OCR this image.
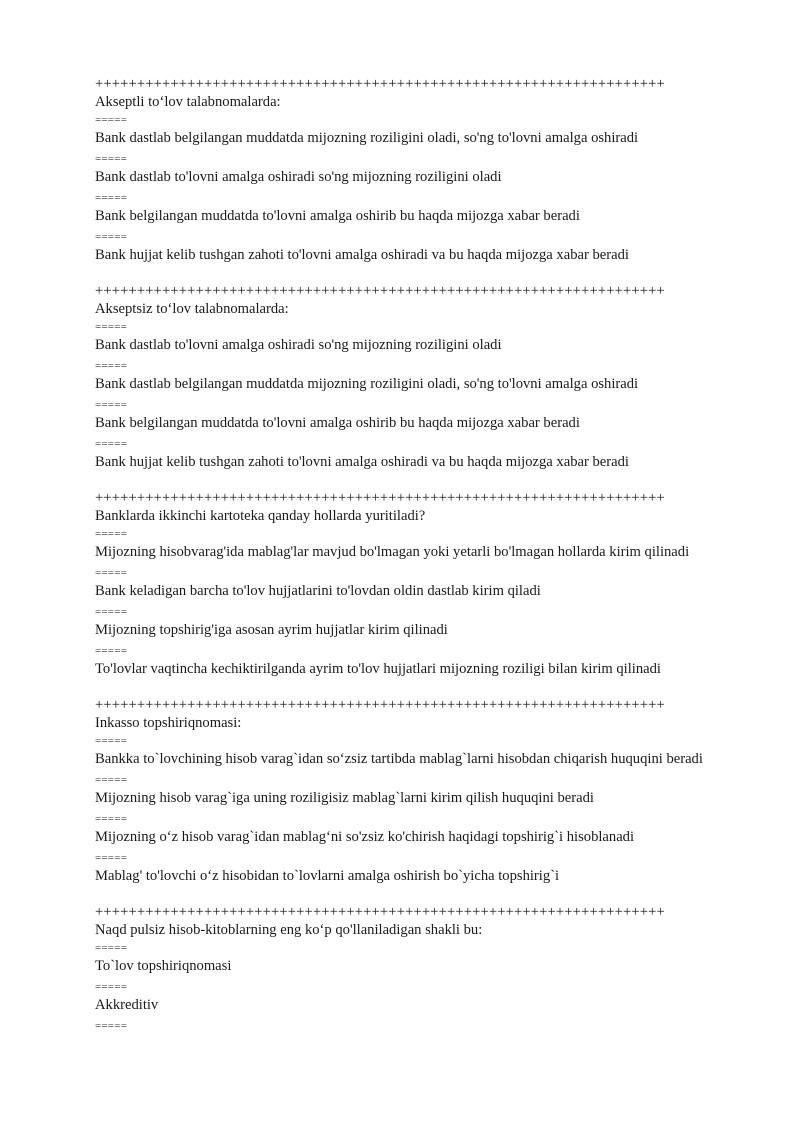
++++++++++++++++++++++++++++++++++++++++++++++++++++++++++++++++++++
Akseptli to‘lov talabnomalarda:
=====
Bank dastlab belgilangan muddatda mijozning roziligini oladi, so'ng to'lovni amalga oshiradi
=====
Bank dastlab to'lovni amalga oshiradi so'ng mijozning roziligini oladi
=====
Bank belgilangan muddatda to'lovni amalga oshirib bu haqda mijozga xabar beradi
=====
Bank hujjat kelib tushgan zahoti to'lovni amalga oshiradi va bu haqda mijozga xabar beradi
++++++++++++++++++++++++++++++++++++++++++++++++++++++++++++++++++++
Akseptsiz to‘lov talabnomalarda:
=====
Bank dastlab to'lovni amalga oshiradi so'ng mijozning roziligini oladi
=====
Bank dastlab belgilangan muddatda mijozning roziligini oladi, so'ng to'lovni amalga oshiradi
=====
Bank belgilangan muddatda to'lovni amalga oshirib bu haqda mijozga xabar beradi
=====
Bank hujjat kelib tushgan zahoti to'lovni amalga oshiradi va bu haqda mijozga xabar beradi
++++++++++++++++++++++++++++++++++++++++++++++++++++++++++++++++++++
Banklarda ikkinchi kartoteka qanday hollarda yuritiladi?
=====
Mijozning hisobvarag'ida mablag'lar mavjud bo'lmagan yoki yetarli bo'lmagan hollarda kirim qilinadi
=====
Bank keladigan barcha to'lov hujjatlarini to'lovdan oldin dastlab kirim qiladi
=====
Mijozning topshirig'iga asosan ayrim hujjatlar kirim qilinadi
=====
To'lovlar vaqtincha kechiktirilganda ayrim to'lov hujjatlari mijozning roziligi bilan kirim qilinadi
++++++++++++++++++++++++++++++++++++++++++++++++++++++++++++++++++++
Inkasso topshiriqnomasi:
=====
Bankka to`lovchining hisob varag`idan so‘zsiz tartibda mablag`larni hisobdan chiqarish huquqini beradi
=====
Mijozning hisob varag`iga uning roziligisiz mablag`larni kirim qilish huquqini beradi
=====
Mijozning o‘z hisob varag`idan mablag‘ni so'zsiz ko'chirish haqidagi topshirig`i hisoblanadi
=====
Mablag' to'lovchi o‘z hisobidan to`lovlarni amalga oshirish bo`yicha topshirig`i
++++++++++++++++++++++++++++++++++++++++++++++++++++++++++++++++++++
Naqd pulsiz hisob-kitoblarning eng ko‘p qo'llaniladigan shakli bu:
=====
To`lov topshiriqnomasi
=====
Akkreditiv
=====
